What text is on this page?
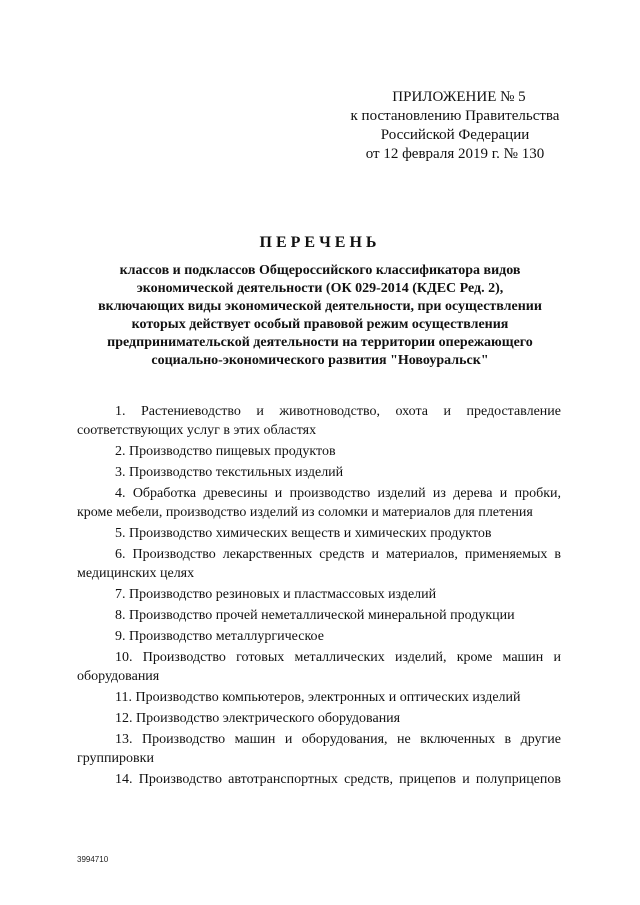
ПРИЛОЖЕНИЕ № 5
к постановлению Правительства
Российской Федерации
от 12 февраля 2019 г. № 130
ПЕРЕЧЕНЬ
классов и подклассов Общероссийского классификатора видов
экономической деятельности (ОК 029-2014 (КДЕС Ред. 2),
включающих виды экономической деятельности, при осуществлении
которых действует особый правовой режим осуществления
предпринимательской деятельности на территории опережающего
социально-экономического развития "Новоуральск"
1. Растениеводство и животноводство, охота и предоставление соответствующих услуг в этих областях
2. Производство пищевых продуктов
3. Производство текстильных изделий
4. Обработка древесины и производство изделий из дерева и пробки, кроме мебели, производство изделий из соломки и материалов для плетения
5. Производство химических веществ и химических продуктов
6. Производство лекарственных средств и материалов, применяемых в медицинских целях
7. Производство резиновых и пластмассовых изделий
8. Производство прочей неметаллической минеральной продукции
9. Производство металлургическое
10. Производство готовых металлических изделий, кроме машин и оборудования
11. Производство компьютеров, электронных и оптических изделий
12. Производство электрического оборудования
13. Производство машин и оборудования, не включенных в другие группировки
14. Производство автотранспортных средств, прицепов и полуприцепов
3994710
